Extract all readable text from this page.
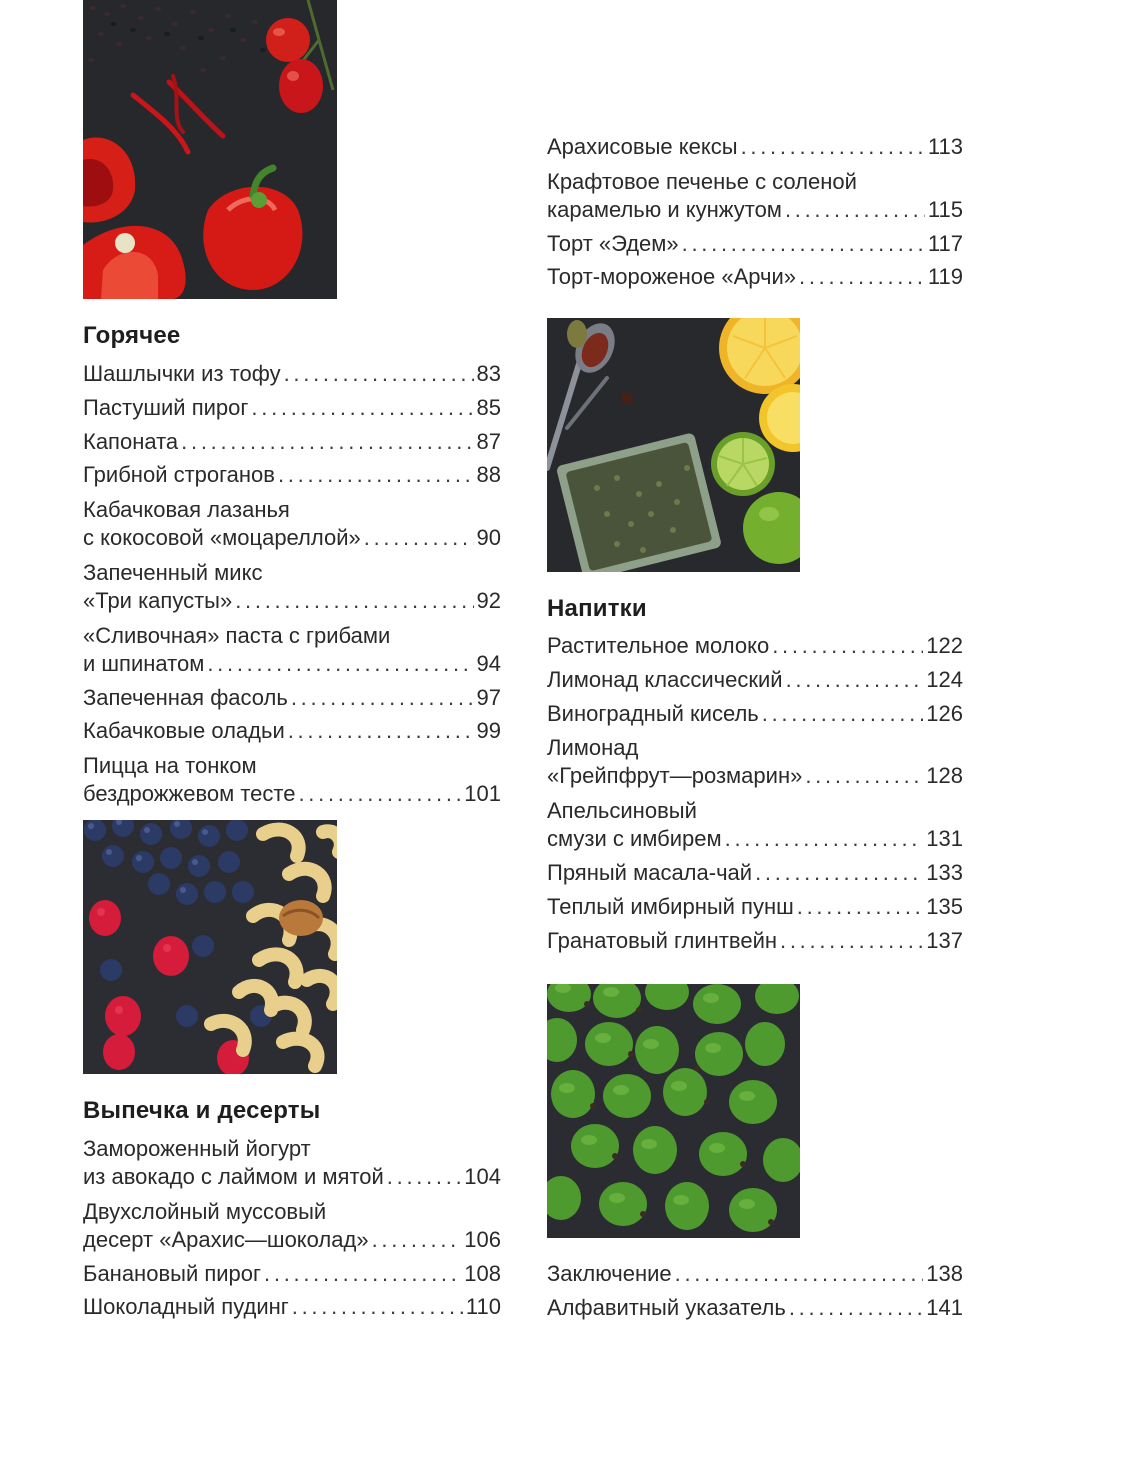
Горячее
Шашлычки из тофу . . .	83
Пастуший пирог . . .	85
Капоната . . .	87
Грибной строганов . . .	88
Кабачковая лазанья
с кокосовой «моцареллой» . . .	90
Запеченный микс
«Три капусты» . . .	92
«Сливочная» паста с грибами
и шпинатом . . .	94
Запеченная фасоль . . .	97
Кабачковые оладьи . . .	99
Пицца на тонком
бездрожжевом тесте . . .	101
Выпечка и десерты
Замороженный йогурт
из авокадо с лаймом и мятой . . .	104
Двухслойный муссовый
десерт «Арахис—шоколад» . . .	106
Банановый пирог . . .	108
Шоколадный пудинг . . .	110
Арахисовые кексы . . .	113
Крафтовое печенье с соленой
карамелью и кунжутом . . .	115
Торт «Эдем» . . .	117
Торт-мороженое «Арчи» . . .	119
Напитки
Растительное молоко . . .	122
Лимонад классический . . .	124
Виноградный кисель . . .	126
Лимонад
«Грейпфрут—розмарин» . . .	128
Апельсиновый
смузи с имбирем . . .	131
Пряный масала-чай . . .	133
Теплый имбирный пунш . . .	135
Гранатовый глинтвейн . . .	137
Заключение . . .	138
Алфавитный указатель . . .	141
